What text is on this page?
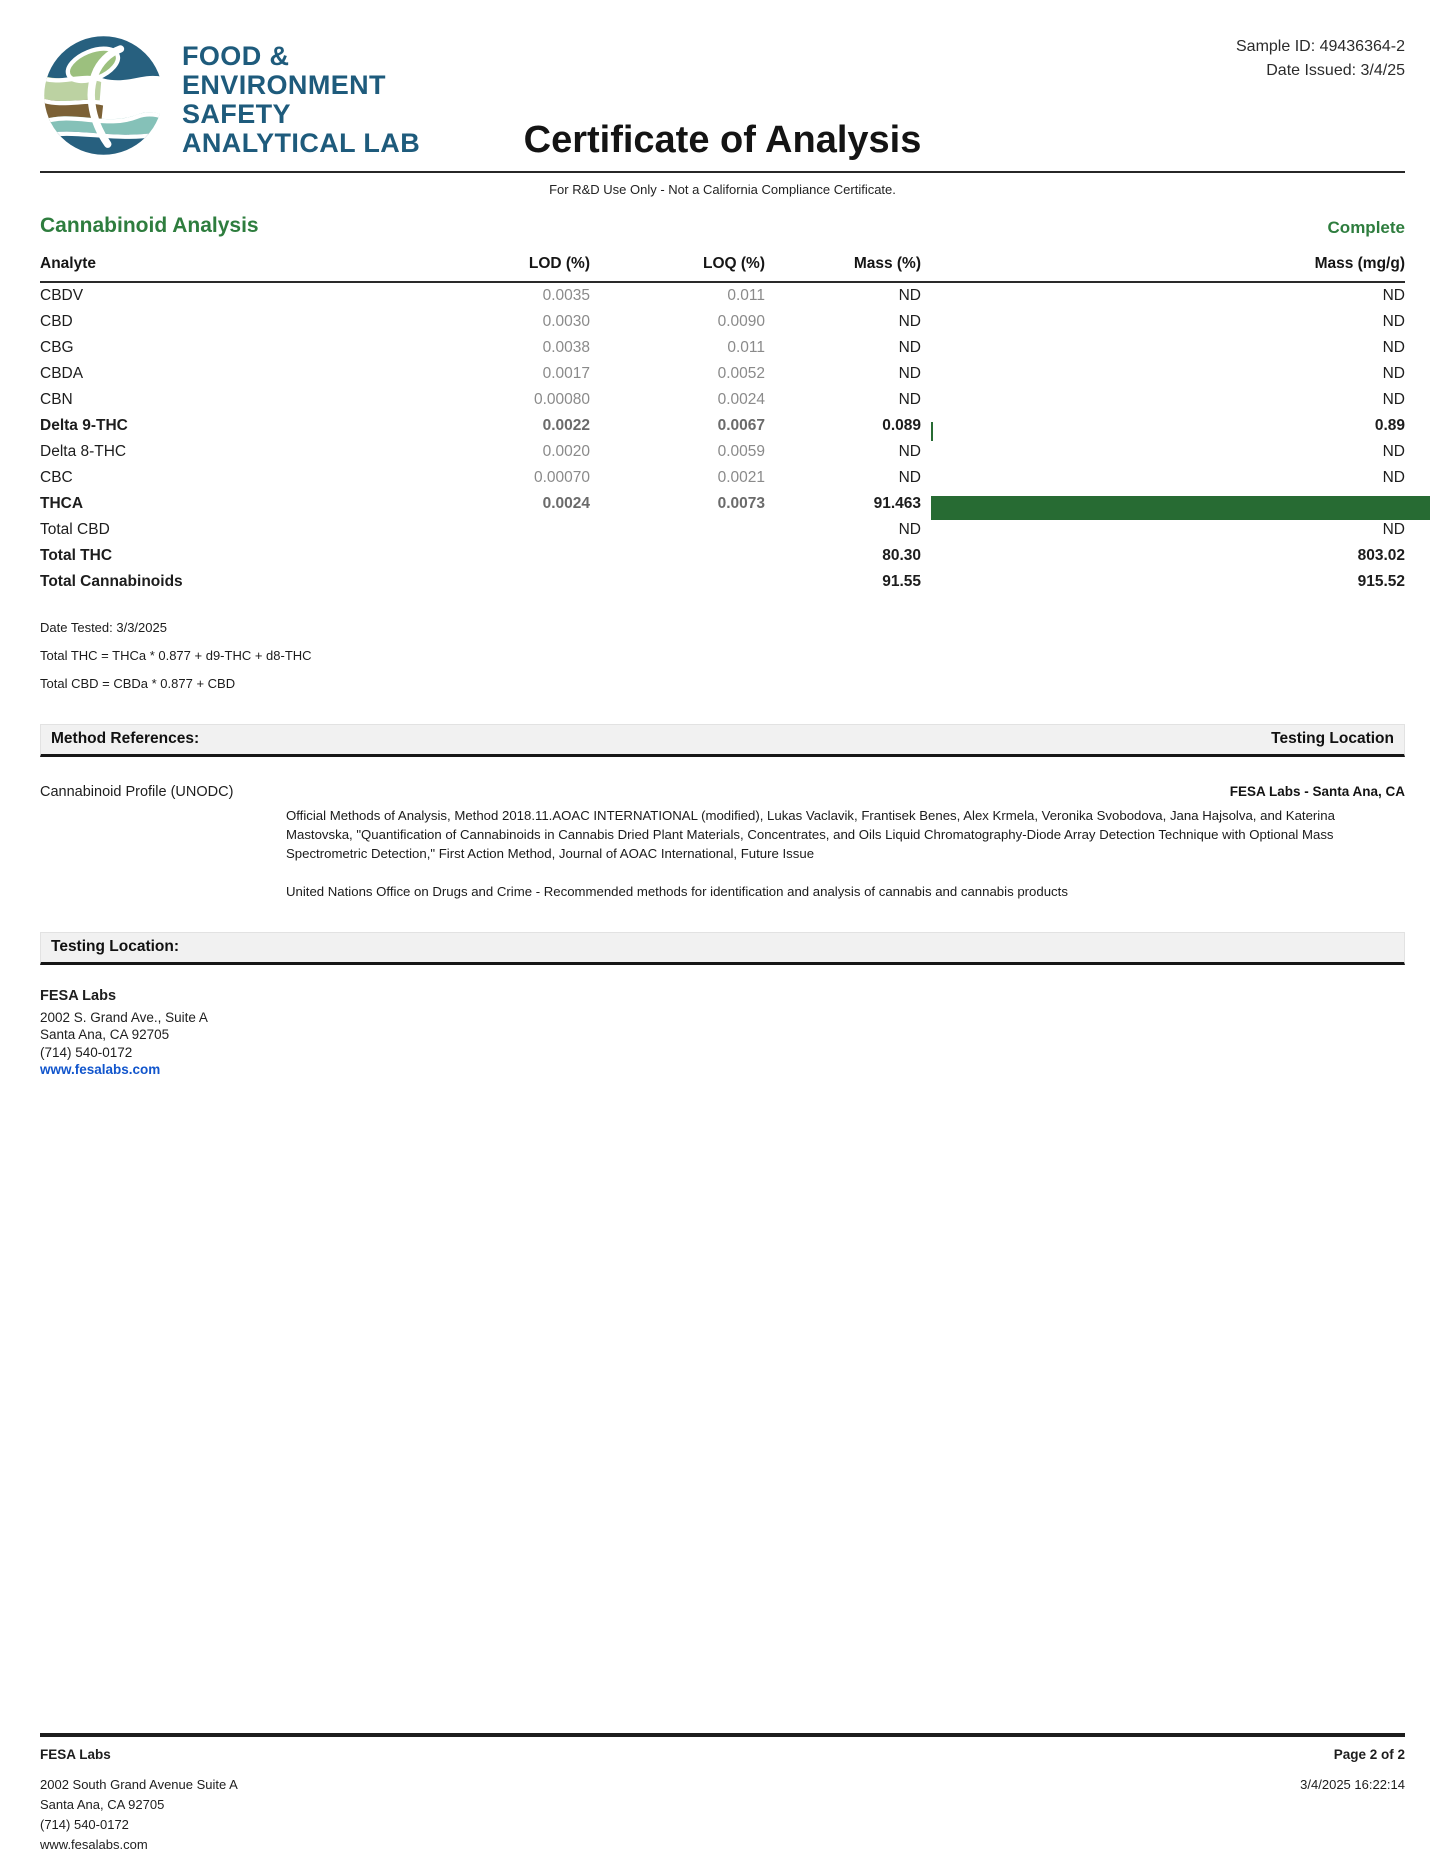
FOOD &
ENVIRONMENT
SAFETY
ANALYTICAL LAB
Sample ID: 49436364-2
Date Issued: 3/4/25
Certificate of Analysis
For R&D Use Only - Not a California Compliance Certificate.
Cannabinoid Analysis	Complete
Analyte	LOD (%)	LOQ (%)	Mass (%)	Mass (mg/g)
CBDV	0.0035	0.011	ND	ND
CBD	0.0030	0.0090	ND	ND
CBG	0.0038	0.011	ND	ND
CBDA	0.0017	0.0052	ND	ND
CBN	0.00080	0.0024	ND	ND
Delta 9-THC	0.0022	0.0067	0.089	0.89
Delta 8-THC	0.0020	0.0059	ND	ND
CBC	0.00070	0.0021	ND	ND
THCA	0.0024	0.0073	91.463	
Total CBD			ND	ND
Total THC			80.30	803.02
Total Cannabinoids			91.55	915.52
Date Tested: 3/3/2025
Total THC = THCa * 0.877 + d9-THC + d8-THC
Total CBD = CBDa * 0.877 + CBD
Method References:	Testing Location
Cannabinoid Profile (UNODC)	FESA Labs - Santa Ana, CA
Official Methods of Analysis, Method 2018.11.AOAC INTERNATIONAL (modified), Lukas Vaclavik, Frantisek Benes, Alex Krmela, Veronika Svobodova, Jana Hajsolva, and Katerina Mastovska, "Quantification of Cannabinoids in Cannabis Dried Plant Materials, Concentrates, and Oils Liquid Chromatography-Diode Array Detection Technique with Optional Mass Spectrometric Detection," First Action Method, Journal of AOAC International, Future Issue
United Nations Office on Drugs and Crime - Recommended methods for identification and analysis of cannabis and cannabis products
Testing Location:
FESA Labs
2002 S. Grand Ave., Suite A
Santa Ana, CA 92705
(714) 540-0172
www.fesalabs.com
FESA Labs
2002 South Grand Avenue Suite A
Santa Ana, CA 92705
(714) 540-0172
www.fesalabs.com
Page 2 of 2
3/4/2025 16:22:14
